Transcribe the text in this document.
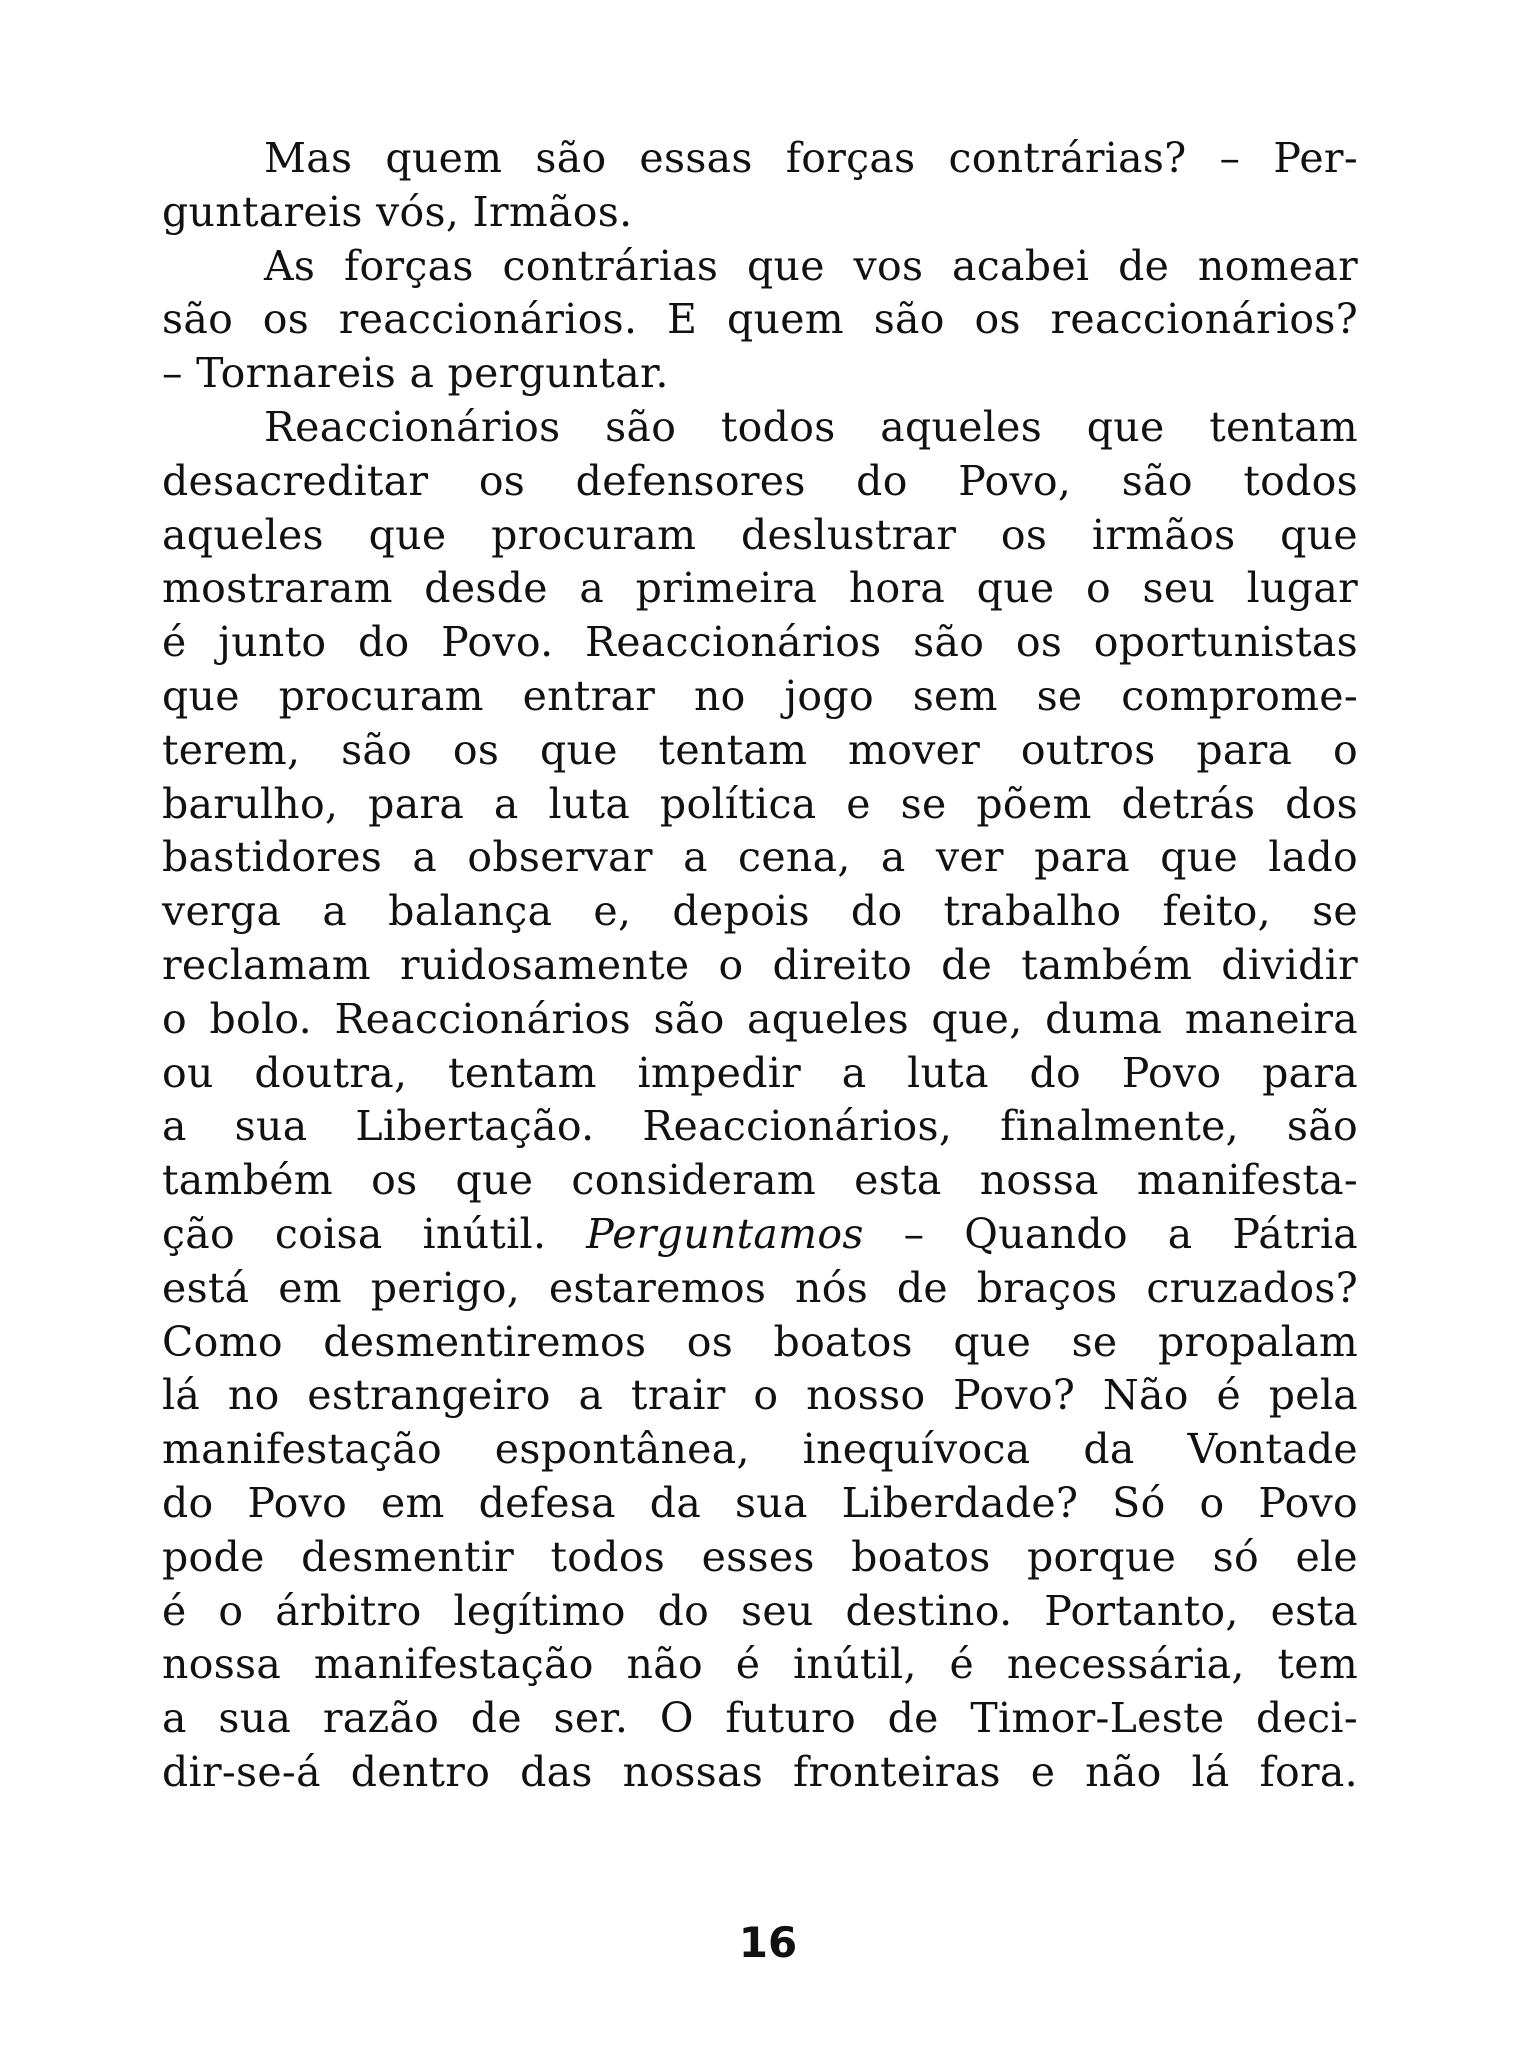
Mas quem são essas forças contrárias? – Per-
guntareis vós, Irmãos.
As forças contrárias que vos acabei de nomear
são os reaccionários. E quem são os reaccionários?
– Tornareis a perguntar.
Reaccionários são todos aqueles que tentam
desacreditar os defensores do Povo, são todos
aqueles que procuram deslustrar os irmãos que
mostraram desde a primeira hora que o seu lugar
é junto do Povo. Reaccionários são os oportunistas
que procuram entrar no jogo sem se comprome-
terem, são os que tentam mover outros para o
barulho, para a luta política e se põem detrás dos
bastidores a observar a cena, a ver para que lado
verga a balança e, depois do trabalho feito, se
reclamam ruidosamente o direito de também dividir
o bolo. Reaccionários são aqueles que, duma maneira
ou doutra, tentam impedir a luta do Povo para
a sua Libertação. Reaccionários, finalmente, são
também os que consideram esta nossa manifesta-
ção coisa inútil. Perguntamos – Quando a Pátria
está em perigo, estaremos nós de braços cruzados?
Como desmentiremos os boatos que se propalam
lá no estrangeiro a trair o nosso Povo? Não é pela
manifestação espontânea, inequívoca da Vontade
do Povo em defesa da sua Liberdade? Só o Povo
pode desmentir todos esses boatos porque só ele
é o árbitro legítimo do seu destino. Portanto, esta
nossa manifestação não é inútil, é necessária, tem
a sua razão de ser. O futuro de Timor-Leste deci-
dir-se-á dentro das nossas fronteiras e não lá fora.
16
